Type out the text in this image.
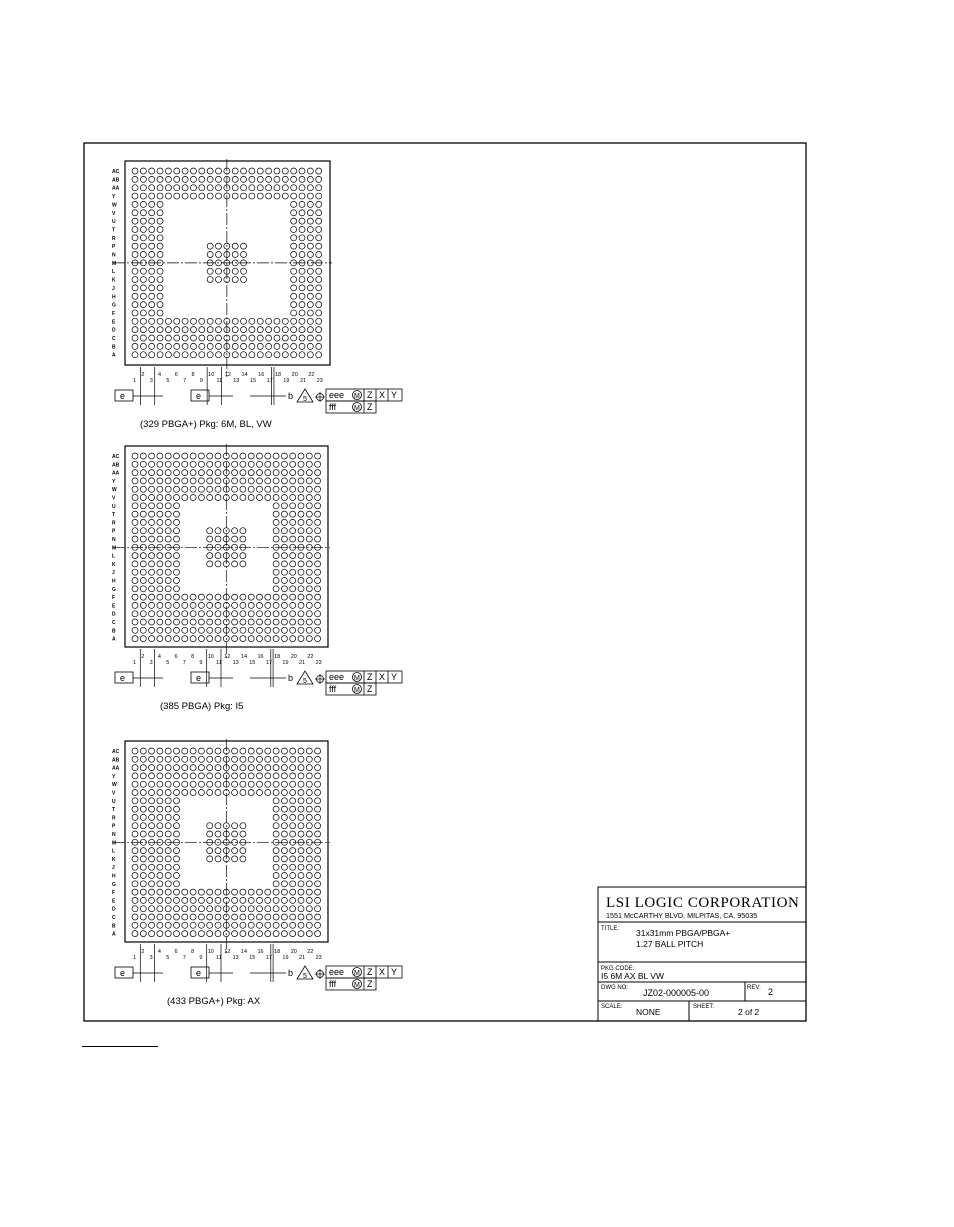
AC
AB
AA
Y
W
V
U
T
R
P
N
M
L
K
J
H
G
F
E
D
C
B
A
1
2
3
4
5
6
7
8
9
10
11
12
13
14
15
16
17
18
19
20
21
22
23
e	e	b 5 eee M Z X Y
fff	M Z
(329 PBGA+) Pkg: 6M, BL, VW
AC
AB
AA
Y
W
V
U
T
R
P
N
M
L
K
J
H
G
F
E
D
C
B
A
1
2
3
4
5
6
7
8
9
10
11
12
13
14
15
16
17
18
19
20
21
22
23
e	e	b 5 eee M Z X Y
fff	M Z
(385 PBGA) Pkg: I5
AC
AB
AA
Y
W
V
U
T
R
P
N
M
L
K
J
H
G
F
E
D
C
B
A
1
2
3
4
5
6
7
8
9
10
11
12
13
14
15
16
17
18
19
20
21
22
23
e	e	b 5 eee M Z X Y
fff	M Z
(433 PBGA+) Pkg: AX
LSI LOGIC CORPORATION
1551 McCARTHY BLVD. MILPITAS, CA. 95035
TITLE: 31x31mm PBGA/PBGA+
1.27 BALL PITCH
PKG CODE:
I5 6M AX BL VW
DWG NO: JZ02-000005-00	REV: 2
SCALE: NONE	SHEET:	2 of 2
